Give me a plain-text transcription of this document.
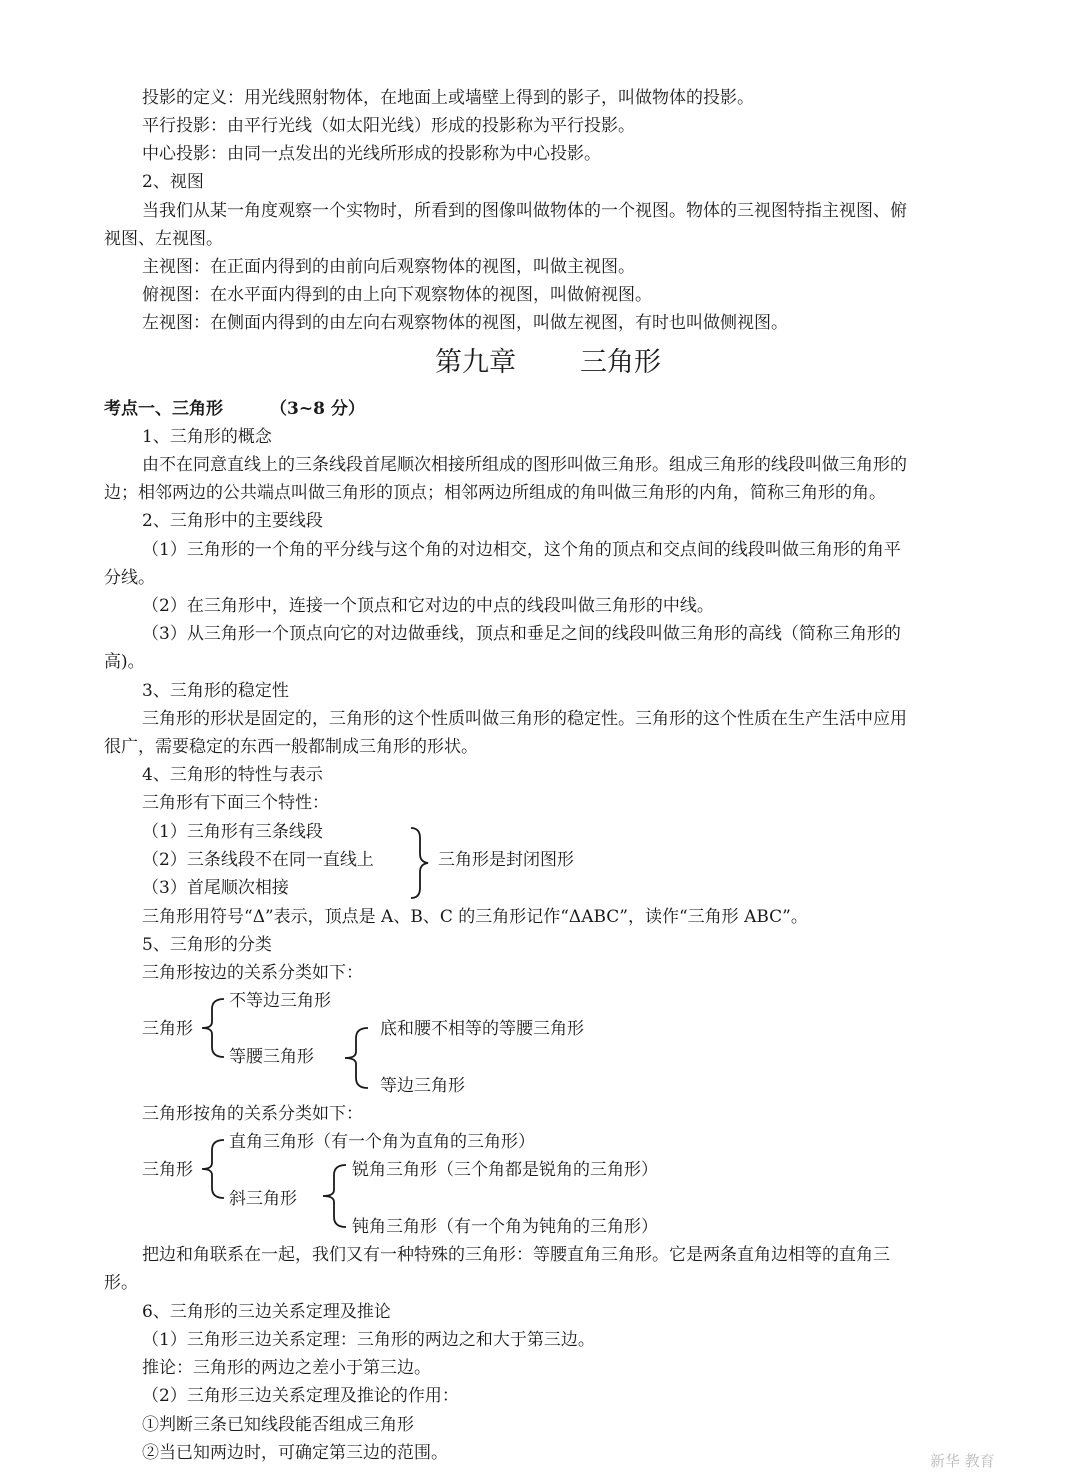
投影的定义：用光线照射物体，在地面上或墙壁上得到的影子，叫做物体的投影。
平行投影：由平行光线（如太阳光线）形成的投影称为平行投影。
中心投影：由同一点发出的光线所形成的投影称为中心投影。
2、视图
当我们从某一角度观察一个实物时，所看到的图像叫做物体的一个视图。物体的三视图特指主视图、俯
视图、左视图。
主视图：在正面内得到的由前向后观察物体的视图，叫做主视图。
俯视图：在水平面内得到的由上向下观察物体的视图，叫做俯视图。
左视图：在侧面内得到的由左向右观察物体的视图，叫做左视图，有时也叫做侧视图。
第九章 三角形
考点一、三角形	（3~8 分）
1、三角形的概念
由不在同意直线上的三条线段首尾顺次相接所组成的图形叫做三角形。组成三角形的线段叫做三角形的
边；相邻两边的公共端点叫做三角形的顶点；相邻两边所组成的角叫做三角形的内角，简称三角形的角。
2、三角形中的主要线段
（1）三角形的一个角的平分线与这个角的对边相交，这个角的顶点和交点间的线段叫做三角形的角平
分线。
（2）在三角形中，连接一个顶点和它对边的中点的线段叫做三角形的中线。
（3）从三角形一个顶点向它的对边做垂线，顶点和垂足之间的线段叫做三角形的高线（简称三角形的
高)。
3、三角形的稳定性
三角形的形状是固定的，三角形的这个性质叫做三角形的稳定性。三角形的这个性质在生产生活中应用
很广，需要稳定的东西一般都制成三角形的形状。
4、三角形的特性与表示
三角形有下面三个特性：
（1）三角形有三条线段
（2）三条线段不在同一直线上
（3）首尾顺次相接
三角形是封闭图形
三角形用符号“Δ”表示，顶点是 A、B、C 的三角形记作“ΔABC”，读作“三角形 ABC”。
5、三角形的分类
三角形按边的关系分类如下：
三角形
不等边三角形
等腰三角形
底和腰不相等的等腰三角形
等边三角形
三角形按角的关系分类如下：
三角形
直角三角形（有一个角为直角的三角形）
斜三角形
锐角三角形（三个角都是锐角的三角形）
钝角三角形（有一个角为钝角的三角形）
把边和角联系在一起，我们又有一种特殊的三角形：等腰直角三角形。它是两条直角边相等的直角三
形。
6、三角形的三边关系定理及推论
（1）三角形三边关系定理：三角形的两边之和大于第三边。
推论：三角形的两边之差小于第三边。
（2）三角形三边关系定理及推论的作用：
①判断三条已知线段能否组成三角形
②当已知两边时，可确定第三边的范围。	新华 教育
